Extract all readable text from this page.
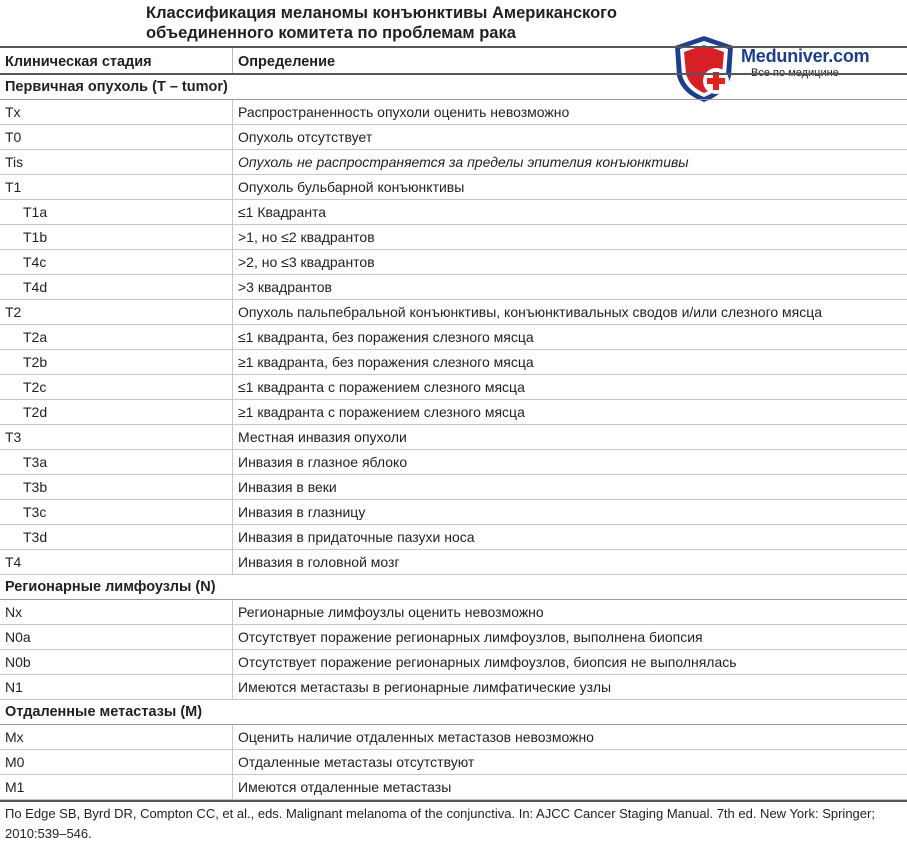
Классификация меланомы конъюнктивы Американского объединенного комитета по проблемам рака
Meduniver.com
Все по медицине
Клиническая стадия	Определение
Первичная опухоль (T – tumor)
Tx	Распространенность опухоли оценить невозможно
T0	Опухоль отсутствует
Tis	Опухоль не распространяется за пределы эпителия конъюнктивы
T1	Опухоль бульбарной конъюнктивы
T1a	≤1 Квадранта
T1b	>1, но ≤2 квадрантов
T4c	>2, но ≤3 квадрантов
T4d	>3 квадрантов
T2	Опухоль пальпебральной конъюнктивы, конъюнктивальных сводов и/или слезного мясца
T2a	≤1 квадранта, без поражения слезного мясца
T2b	≥1 квадранта, без поражения слезного мясца
T2c	≤1 квадранта с поражением слезного мясца
T2d	≥1 квадранта с поражением слезного мясца
T3	Местная инвазия опухоли
T3a	Инвазия в глазное яблоко
T3b	Инвазия в веки
T3c	Инвазия в глазницу
T3d	Инвазия в придаточные пазухи носа
T4	Инвазия в головной мозг
Регионарные лимфоузлы (N)
Nx	Регионарные лимфоузлы оценить невозможно
N0a	Отсутствует поражение регионарных лимфоузлов, выполнена биопсия
N0b	Отсутствует поражение регионарных лимфоузлов, биопсия не выполнялась
N1	Имеются метастазы в регионарные лимфатические узлы
Отдаленные метастазы (M)
Mx	Оценить наличие отдаленных метастазов невозможно
M0	Отдаленные метастазы отсутствуют
M1	Имеются отдаленные метастазы
По Edge SB, Byrd DR, Compton CC, et al., eds. Malignant melanoma of the conjunctiva. In: AJCC Cancer Staging Manual. 7th ed. New York: Springer; 2010:539–546.
